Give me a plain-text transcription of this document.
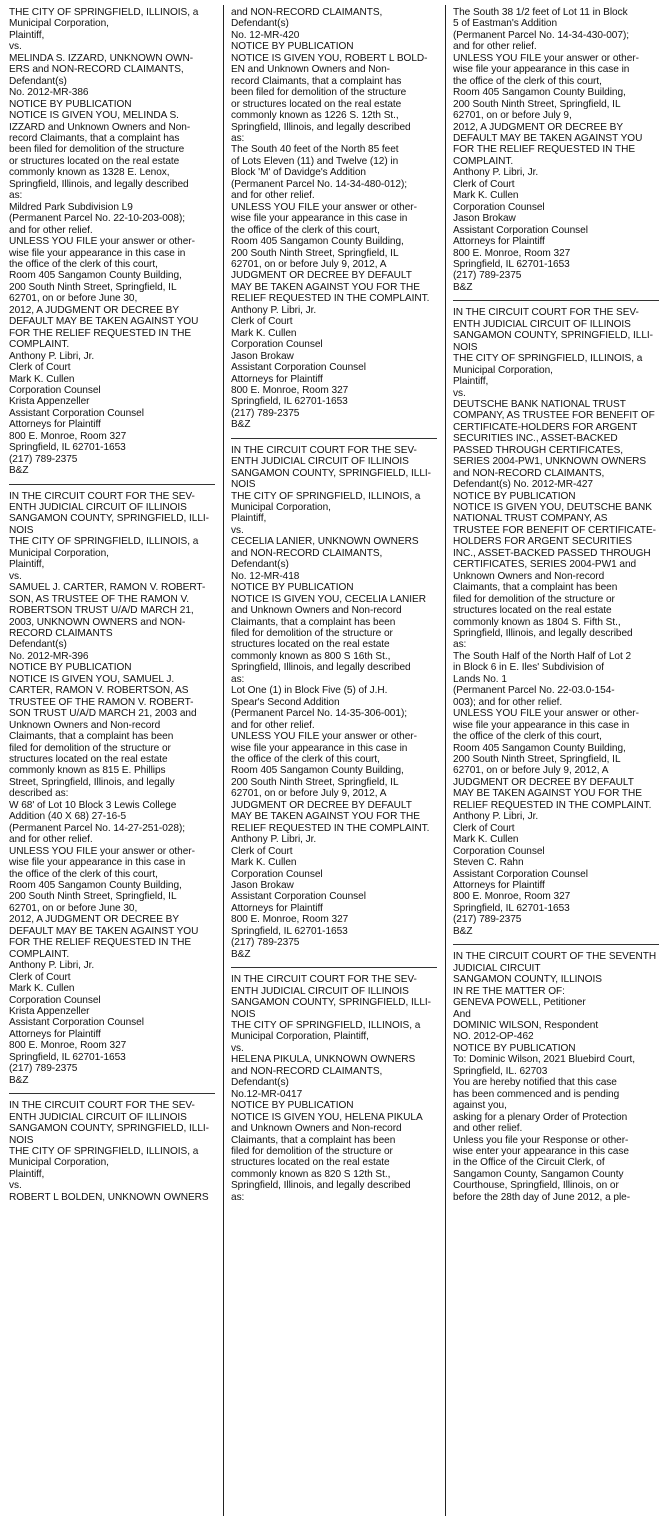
THE CITY OF SPRINGFIELD, ILLINOIS, a
Municipal Corporation,
Plaintiff,
vs.
MELINDA S. IZZARD, UNKNOWN OWN-
ERS and NON-RECORD CLAIMANTS,
Defendant(s)
No. 2012-MR-386
NOTICE BY PUBLICATION
NOTICE IS GIVEN YOU, MELINDA S.
IZZARD and Unknown Owners and Non-
record Claimants, that a complaint has
been filed for demolition of the structure
or structures located on the real estate
commonly known as 1328 E. Lenox,
Springfield, Illinois, and legally described
as:
Mildred Park Subdivision L9
(Permanent Parcel No. 22-10-203-008);
and for other relief.
UNLESS YOU FILE your answer or other-
wise file your appearance in this case in
the office of the clerk of this court,
Room 405 Sangamon County Building,
200 South Ninth Street, Springfield, IL
62701, on or before June 30,
2012, A JUDGMENT OR DECREE BY
DEFAULT MAY BE TAKEN AGAINST YOU
FOR THE RELIEF REQUESTED IN THE
COMPLAINT.
Anthony P. Libri, Jr.
Clerk of Court
Mark K. Cullen
Corporation Counsel
Krista Appenzeller
Assistant Corporation Counsel
Attorneys for Plaintiff
800 E. Monroe, Room 327
Springfield, IL 62701-1653
(217) 789-2375
B&Z
IN THE CIRCUIT COURT FOR THE SEV-
ENTH JUDICIAL CIRCUIT OF ILLINOIS
SANGAMON COUNTY, SPRINGFIELD, ILLI-
NOIS
THE CITY OF SPRINGFIELD, ILLINOIS, a
Municipal Corporation,
Plaintiff,
vs.
SAMUEL J. CARTER, RAMON V. ROBERT-
SON, AS TRUSTEE OF THE RAMON V.
ROBERTSON TRUST U/A/D MARCH 21,
2003, UNKNOWN OWNERS and NON-
RECORD CLAIMANTS
Defendant(s)
No. 2012-MR-396
NOTICE BY PUBLICATION
NOTICE IS GIVEN YOU, SAMUEL J.
CARTER, RAMON V. ROBERTSON, AS
TRUSTEE OF THE RAMON V. ROBERT-
SON TRUST U/A/D MARCH 21, 2003 and
Unknown Owners and Non-record
Claimants, that a complaint has been
filed for demolition of the structure or
structures located on the real estate
commonly known as 815 E. Phillips
Street, Springfield, Illinois, and legally
described as:
W 68' of Lot 10 Block 3 Lewis College
Addition (40 X 68) 27-16-5
(Permanent Parcel No. 14-27-251-028);
and for other relief.
UNLESS YOU FILE your answer or other-
wise file your appearance in this case in
the office of the clerk of this court,
Room 405 Sangamon County Building,
200 South Ninth Street, Springfield, IL
62701, on or before June 30,
2012, A JUDGMENT OR DECREE BY
DEFAULT MAY BE TAKEN AGAINST YOU
FOR THE RELIEF REQUESTED IN THE
COMPLAINT.
Anthony P. Libri, Jr.
Clerk of Court
Mark K. Cullen
Corporation Counsel
Krista Appenzeller
Assistant Corporation Counsel
Attorneys for Plaintiff
800 E. Monroe, Room 327
Springfield, IL 62701-1653
(217) 789-2375
B&Z
IN THE CIRCUIT COURT FOR THE SEV-
ENTH JUDICIAL CIRCUIT OF ILLINOIS
SANGAMON COUNTY, SPRINGFIELD, ILLI-
NOIS
THE CITY OF SPRINGFIELD, ILLINOIS, a
Municipal Corporation,
Plaintiff,
vs.
ROBERT L BOLDEN, UNKNOWN OWNERS
and NON-RECORD CLAIMANTS,
Defendant(s)
No. 12-MR-420
NOTICE BY PUBLICATION
NOTICE IS GIVEN YOU, ROBERT L BOLD-
EN and Unknown Owners and Non-
record Claimants, that a complaint has
been filed for demolition of the structure
or structures located on the real estate
commonly known as 1226 S. 12th St.,
Springfield, Illinois, and legally described
as:
The South 40 feet of the North 85 feet
of Lots Eleven (11) and Twelve (12) in
Block 'M' of Davidge's Addition
(Permanent Parcel No. 14-34-480-012);
and for other relief.
UNLESS YOU FILE your answer or other-
wise file your appearance in this case in
the office of the clerk of this court,
Room 405 Sangamon County Building,
200 South Ninth Street, Springfield, IL
62701, on or before July 9, 2012, A
JUDGMENT OR DECREE BY DEFAULT
MAY BE TAKEN AGAINST YOU FOR THE
RELIEF REQUESTED IN THE COMPLAINT.
Anthony P. Libri, Jr.
Clerk of Court
Mark K. Cullen
Corporation Counsel
Jason Brokaw
Assistant Corporation Counsel
Attorneys for Plaintiff
800 E. Monroe, Room 327
Springfield, IL 62701-1653
(217) 789-2375
B&Z
IN THE CIRCUIT COURT FOR THE SEV-
ENTH JUDICIAL CIRCUIT OF ILLINOIS
SANGAMON COUNTY, SPRINGFIELD, ILLI-
NOIS
THE CITY OF SPRINGFIELD, ILLINOIS, a
Municipal Corporation,
Plaintiff,
vs.
CECELIA LANIER, UNKNOWN OWNERS
and NON-RECORD CLAIMANTS,
Defendant(s)
No. 12-MR-418
NOTICE BY PUBLICATION
NOTICE IS GIVEN YOU, CECELIA LANIER
and Unknown Owners and Non-record
Claimants, that a complaint has been
filed for demolition of the structure or
structures located on the real estate
commonly known as 800 S 16th St.,
Springfield, Illinois, and legally described
as:
Lot One (1) in Block Five (5) of J.H.
Spear's Second Addition
(Permanent Parcel No. 14-35-306-001);
and for other relief.
UNLESS YOU FILE your answer or other-
wise file your appearance in this case in
the office of the clerk of this court,
Room 405 Sangamon County Building,
200 South Ninth Street, Springfield, IL
62701, on or before July 9, 2012, A
JUDGMENT OR DECREE BY DEFAULT
MAY BE TAKEN AGAINST YOU FOR THE
RELIEF REQUESTED IN THE COMPLAINT.
Anthony P. Libri, Jr.
Clerk of Court
Mark K. Cullen
Corporation Counsel
Jason Brokaw
Assistant Corporation Counsel
Attorneys for Plaintiff
800 E. Monroe, Room 327
Springfield, IL 62701-1653
(217) 789-2375
B&Z
IN THE CIRCUIT COURT FOR THE SEV-
ENTH JUDICIAL CIRCUIT OF ILLINOIS
SANGAMON COUNTY, SPRINGFIELD, ILLI-
NOIS
THE CITY OF SPRINGFIELD, ILLINOIS, a
Municipal Corporation, Plaintiff,
vs.
HELENA PIKULA, UNKNOWN OWNERS
and NON-RECORD CLAIMANTS,
Defendant(s)
No.12-MR-0417
NOTICE BY PUBLICATION
NOTICE IS GIVEN YOU, HELENA PIKULA
and Unknown Owners and Non-record
Claimants, that a complaint has been
filed for demolition of the structure or
structures located on the real estate
commonly known as 820 S 12th St.,
Springfield, Illinois, and legally described
as:
The South 38 1/2 feet of Lot 11 in Block
5 of Eastman's Addition
(Permanent Parcel No. 14-34-430-007);
and for other relief.
UNLESS YOU FILE your answer or other-
wise file your appearance in this case in
the office of the clerk of this court,
Room 405 Sangamon County Building,
200 South Ninth Street, Springfield, IL
62701, on or before July 9,
2012, A JUDGMENT OR DECREE BY
DEFAULT MAY BE TAKEN AGAINST YOU
FOR THE RELIEF REQUESTED IN THE
COMPLAINT.
Anthony P. Libri, Jr.
Clerk of Court
Mark K. Cullen
Corporation Counsel
Jason Brokaw
Assistant Corporation Counsel
Attorneys for Plaintiff
800 E. Monroe, Room 327
Springfield, IL 62701-1653
(217) 789-2375
B&Z
IN THE CIRCUIT COURT FOR THE SEV-
ENTH JUDICIAL CIRCUIT OF ILLINOIS
SANGAMON COUNTY, SPRINGFIELD, ILLI-
NOIS
THE CITY OF SPRINGFIELD, ILLINOIS, a
Municipal Corporation,
Plaintiff,
vs.
DEUTSCHE BANK NATIONAL TRUST
COMPANY, AS TRUSTEE FOR BENEFIT OF
CERTIFICATE-HOLDERS FOR ARGENT
SECURITIES INC., ASSET-BACKED
PASSED THROUGH CERTIFICATES,
SERIES 2004-PW1, UNKNOWN OWNERS
and NON-RECORD CLAIMANTS,
Defendant(s) No. 2012-MR-427
NOTICE BY PUBLICATION
NOTICE IS GIVEN YOU, DEUTSCHE BANK
NATIONAL TRUST COMPANY, AS
TRUSTEE FOR BENEFIT OF CERTIFICATE-
HOLDERS FOR ARGENT SECURITIES
INC., ASSET-BACKED PASSED THROUGH
CERTIFICATES, SERIES 2004-PW1 and
Unknown Owners and Non-record
Claimants, that a complaint has been
filed for demolition of the structure or
structures located on the real estate
commonly known as 1804 S. Fifth St.,
Springfield, Illinois, and legally described
as:
The South Half of the North Half of Lot 2
in Block 6 in E. Iles' Subdivision of
Lands No. 1
(Permanent Parcel No. 22-03.0-154-
003); and for other relief.
UNLESS YOU FILE your answer or other-
wise file your appearance in this case in
the office of the clerk of this court,
Room 405 Sangamon County Building,
200 South Ninth Street, Springfield, IL
62701, on or before July 9, 2012, A
JUDGMENT OR DECREE BY DEFAULT
MAY BE TAKEN AGAINST YOU FOR THE
RELIEF REQUESTED IN THE COMPLAINT.
Anthony P. Libri, Jr.
Clerk of Court
Mark K. Cullen
Corporation Counsel
Steven C. Rahn
Assistant Corporation Counsel
Attorneys for Plaintiff
800 E. Monroe, Room 327
Springfield, IL 62701-1653
(217) 789-2375
B&Z
IN THE CIRCUIT COURT OF THE SEVENTH
JUDICIAL CIRCUIT
SANGAMON COUNTY, ILLINOIS
IN RE THE MATTER OF:
GENEVA POWELL, Petitioner
And
DOMINIC WILSON, Respondent
NO. 2012-OP-462
NOTICE BY PUBLICATION
To: Dominic Wilson, 2021 Bluebird Court,
Springfield, IL. 62703
You are hereby notified that this case
has been commenced and is pending
against you,
asking for a plenary Order of Protection
and other relief.
Unless you file your Response or other-
wise enter your appearance in this case
in the Office of the Circuit Clerk, of
Sangamon County, Sangamon County
Courthouse, Springfield, Illinois, on or
before the 28th day of June 2012, a ple-
